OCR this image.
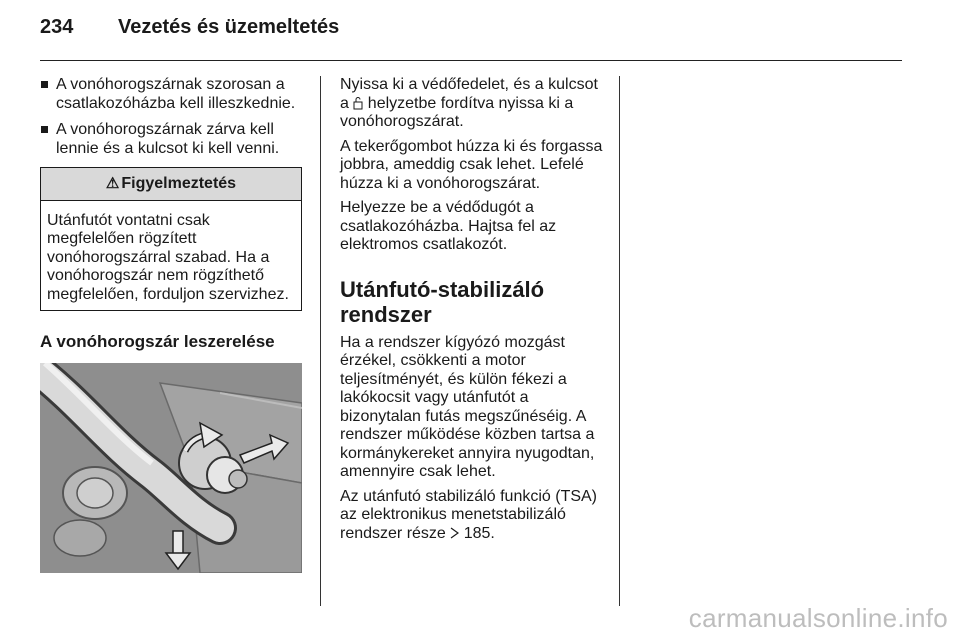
234 Vezetés és üzemeltetés
A vonóhorogszárnak szorosan a csatlakozóházba kell illeszkednie.
A vonóhorogszárnak zárva kell lennie és a kulcsot ki kell venni.
⚠ Figyelmeztetés
Utánfutót vontatni csak
megfelelően rögzített
vonóhorogszárral szabad. Ha a
vonóhorogszár nem rögzíthető
megfelelően, forduljon szervizhez.
A vonóhorogszár leszerelése
Nyissa ki a védőfedelet, és a kulcsot
a  helyzetbe fordítva nyissa ki a
vonóhorogszárat.
A tekerőgombot húzza ki és forgassa
jobbra, ameddig csak lehet. Lefelé
húzza ki a vonóhorogszárat.
Helyezze be a védődugót a
csatlakozóházba. Hajtsa fel az
elektromos csatlakozót.
Utánfutó-stabilizáló
rendszer
Ha a rendszer kígyózó mozgást
érzékel, csökkenti a motor
teljesítményét, és külön fékezi a
lakókocsit vagy utánfutót a
bizonytalan futás megszűnéséig. A
rendszer működése közben tartsa a
kormánykereket annyira nyugodtan,
amennyire csak lehet.
Az utánfutó stabilizáló funkció (TSA)
az elektronikus menetstabilizáló
rendszer része 185.
carmanualsonline.info
